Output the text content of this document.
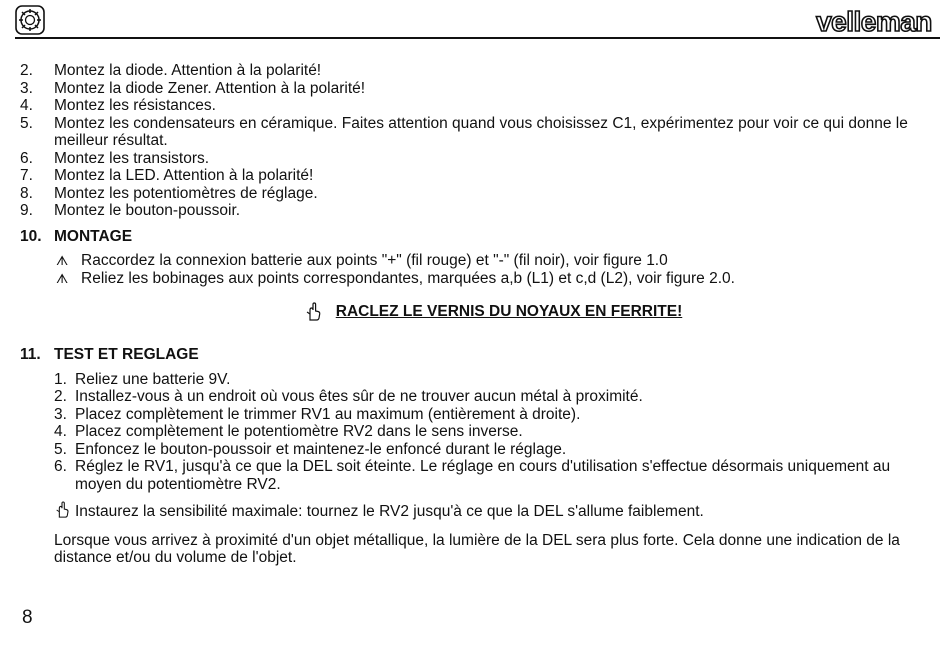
velleman
2.	Montez la diode. Attention à la polarité!
3.	Montez la diode Zener. Attention à la polarité!
4.	Montez les résistances.
5.	Montez les condensateurs en céramique. Faites attention quand vous choisissez C1, expérimentez pour voir ce qui donne le meilleur résultat.
6.	Montez les transistors.
7.	Montez la LED. Attention à la polarité!
8.	Montez les potentiomètres de réglage.
9.	Montez le bouton-poussoir.
10. MONTAGE
ᗑ Raccordez la connexion batterie aux points "+" (fil rouge) et "-" (fil noir), voir figure 1.0
ᗑ Reliez les bobinages aux points correspondantes, marquées a,b (L1) et c,d (L2), voir figure 2.0.
RACLEZ LE VERNIS DU NOYAUX EN FERRITE!
11. TEST ET REGLAGE
1. Reliez une batterie 9V.
2. Installez-vous à un endroit où vous êtes sûr de ne trouver aucun métal à proximité.
3. Placez complètement le trimmer RV1 au maximum (entièrement à droite).
4. Placez complètement le potentiomètre RV2 dans le sens inverse.
5. Enfoncez le bouton-poussoir et maintenez-le enfoncé durant le réglage.
6. Réglez le RV1, jusqu'à ce que la DEL soit éteinte. Le réglage en cours d'utilisation s'effectue désormais uniquement au moyen du potentiomètre RV2.
Instaurez la sensibilité maximale: tournez le RV2 jusqu'à ce que la DEL s'allume faiblement.
Lorsque vous arrivez à proximité d'un objet métallique, la lumière de la DEL sera plus forte. Cela donne une indication de la distance et/ou du volume de l'objet.
8
